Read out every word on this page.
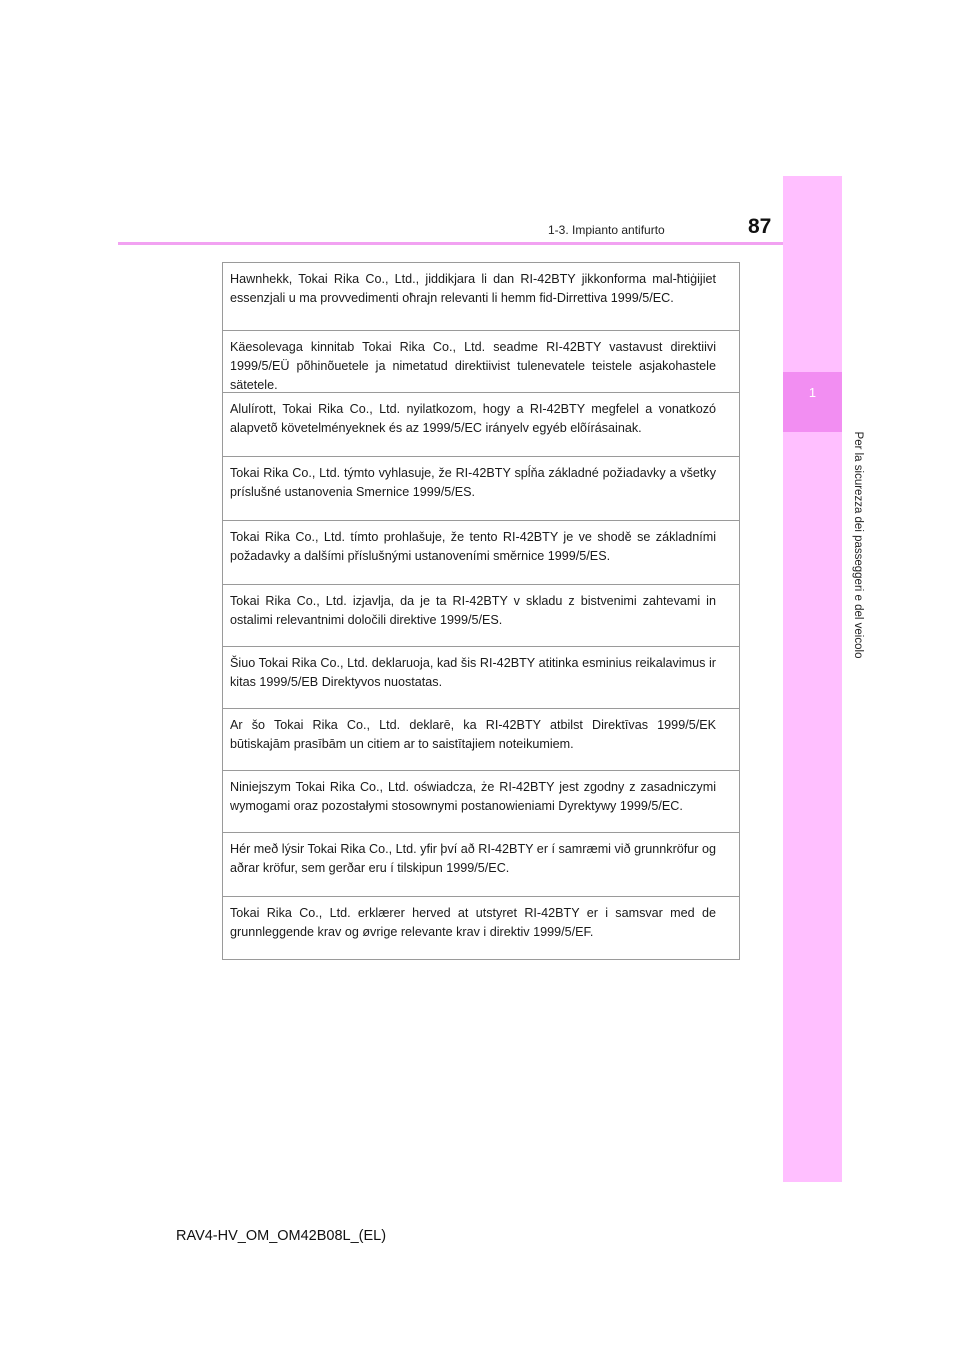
1
Per la sicurezza dei passeggeri e del veicolo
1-3. Impianto antifurto	87
Hawnhekk, Tokai Rika Co., Ltd., jiddikjara li dan RI-42BTY jikkonforma mal-ħtiġijiet essenzjali u ma provvedimenti oħrajn relevanti li hemm fid-Dirrettiva 1999/5/EC.
Käesolevaga kinnitab Tokai Rika Co., Ltd. seadme RI-42BTY vastavust direktiivi 1999/5/EÜ põhinõuetele ja nimetatud direktiivist tulenevatele teistele asjakohastele sätetele.
Alulírott, Tokai Rika Co., Ltd. nyilatkozom, hogy a RI-42BTY megfelel a vonatkozó alapvetõ követelményeknek és az 1999/5/EC irányelv egyéb elõírásainak.
Tokai Rika Co., Ltd. týmto vyhlasuje, že RI-42BTY spĺňa základné požiadavky a všetky príslušné ustanovenia Smernice 1999/5/ES.
Tokai Rika Co., Ltd. tímto prohlašuje, že tento RI-42BTY je ve shodě se základními požadavky a dalšími příslušnými ustanoveními směrnice 1999/5/ES.
Tokai Rika Co., Ltd. izjavlja, da je ta RI-42BTY v skladu z bistvenimi zahtevami in ostalimi relevantnimi določili direktive 1999/5/ES.
Šiuo Tokai Rika Co., Ltd. deklaruoja, kad šis RI-42BTY atitinka esminius reikalavimus ir kitas 1999/5/EB Direktyvos nuostatas.
Ar šo Tokai Rika Co., Ltd. deklarē, ka RI-42BTY atbilst Direktīvas 1999/5/EK būtiskajām prasībām un citiem ar to saistītajiem noteikumiem.
Niniejszym Tokai Rika Co., Ltd. oświadcza, że RI-42BTY jest zgodny z zasadniczymi wymogami oraz pozostałymi stosownymi postanowieniami Dyrektywy 1999/5/EC.
Hér með lýsir Tokai Rika Co., Ltd. yfir því að RI-42BTY er í samræmi við grunnkröfur og aðrar kröfur, sem gerðar eru í tilskipun 1999/5/EC.
Tokai Rika Co., Ltd. erklærer herved at utstyret RI-42BTY er i samsvar med de grunnleggende krav og øvrige relevante krav i direktiv 1999/5/EF.
RAV4-HV_OM_OM42B08L_(EL)
